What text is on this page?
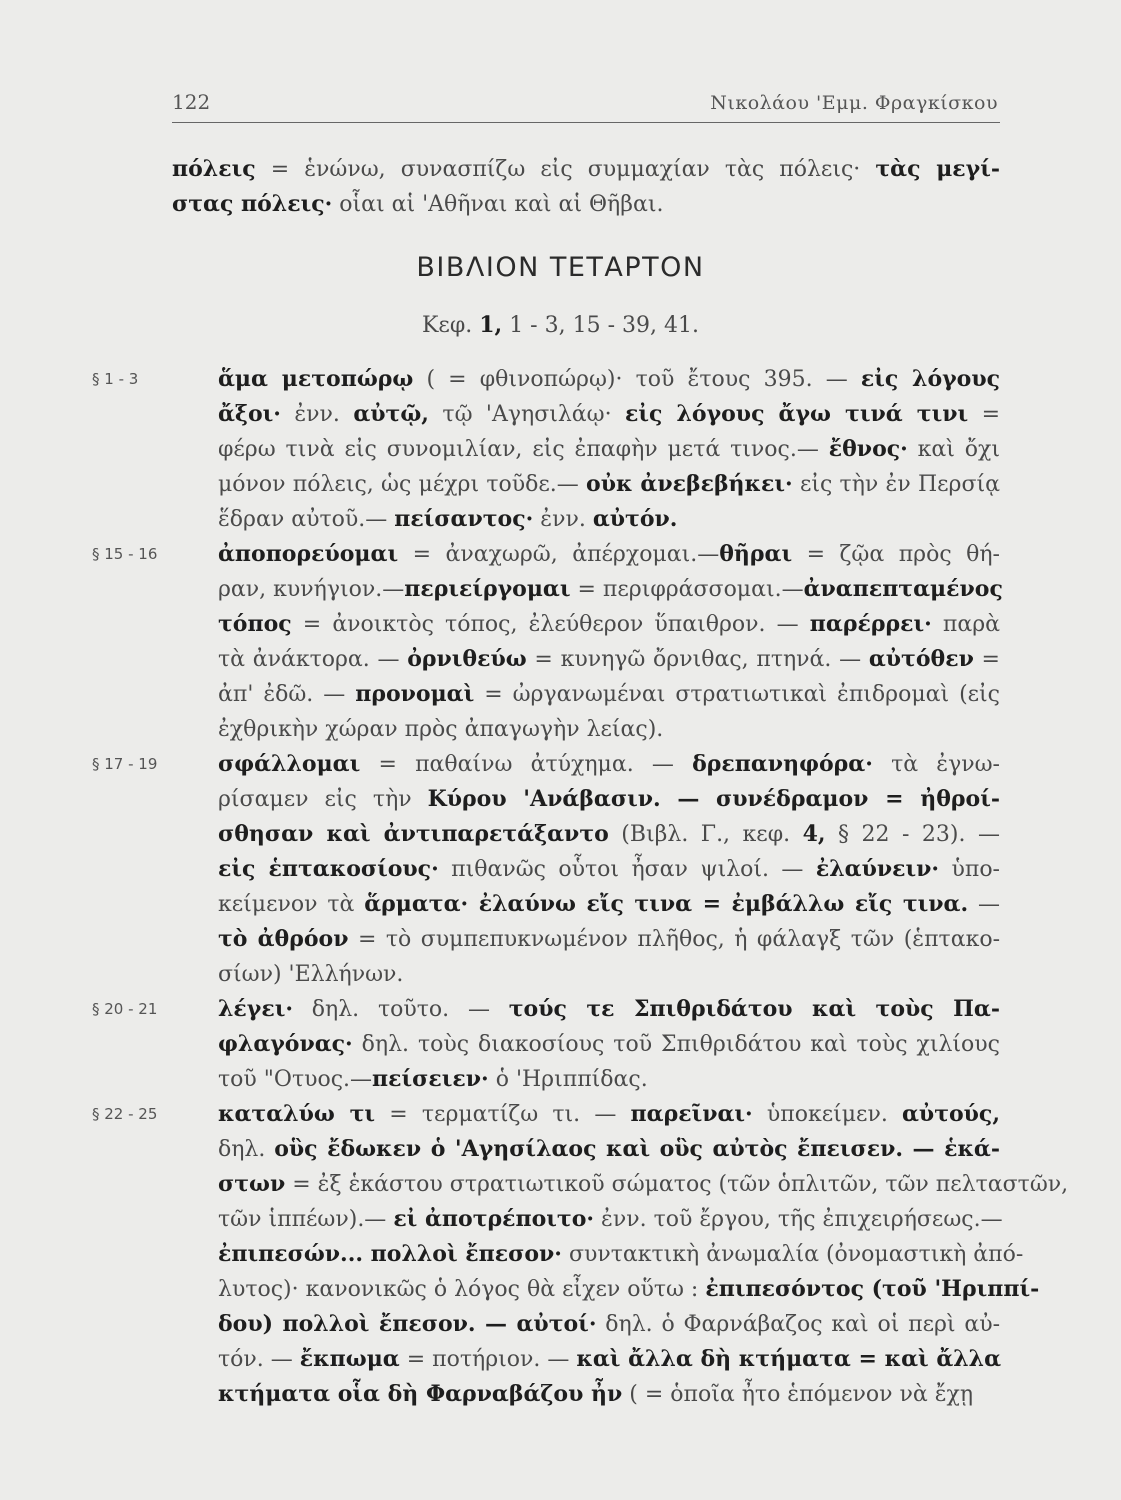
122	Νικολάου 'Εμμ. Φραγκίσκου
πόλεις = ἑνώνω, συνασπίζω εἰς συμμαχίαν τὰς πόλεις· τὰς μεγί-
στας πόλεις· οἷαι αἱ 'Αθῆναι καὶ αἱ Θῆβαι.
ΒΙΒΛΙΟΝ ΤΕΤΑΡΤΟΝ
Κεφ. 1, 1 - 3, 15 - 39, 41.
§ 1 - 3	ἅμα μετοπώρῳ ( = φθινοπώρῳ)· τοῦ ἔτους 395. — εἰς λόγους
ἄξοι· ἐνν. αὐτῷ, τῷ 'Αγησιλάῳ· εἰς λόγους ἄγω τινά τινι =
φέρω τινὰ εἰς συνομιλίαν, εἰς ἐπαφὴν μετά τινος.— ἔθνος· καὶ ὄχι
μόνον πόλεις, ὡς μέχρι τοῦδε.— οὐκ ἀνεβεβήκει· εἰς τὴν ἐν Περσίᾳ
ἕδραν αὐτοῦ.— πείσαντος· ἐνν. αὐτόν.
§ 15 - 16	ἀποπορεύομαι = ἀναχωρῶ, ἀπέρχομαι.—θῆραι = ζῷα πρὸς θή-
ραν, κυνήγιον.—περιείργομαι = περιφράσσομαι.—ἀναπεπταμένος
τόπος = ἀνοικτὸς τόπος, ἐλεύθερον ὕπαιθρον. — παρέρρει· παρὰ
τὰ ἀνάκτορα. — ὀρνιθεύω = κυνηγῶ ὄρνιθας, πτηνά. — αὐτόθεν =
ἀπ' ἐδῶ. — προνομαὶ = ὠργανωμέναι στρατιωτικαὶ ἐπιδρομαὶ (εἰς
ἐχθρικὴν χώραν πρὸς ἀπαγωγὴν λείας).
§ 17 - 19	σφάλλομαι = παθαίνω ἀτύχημα. — δρεπανηφόρα· τὰ ἐγνω-
ρίσαμεν εἰς τὴν Κύρου 'Ανάβασιν. — συνέδραμον = ἠθροί-
σθησαν καὶ ἀντιπαρετάξαντο (Βιβλ. Γ., κεφ. 4, § 22 - 23). —
εἰς ἑπτακοσίους· πιθανῶς οὗτοι ἦσαν ψιλοί. — ἐλαύνειν· ὑπο-
κείμενον τὰ ἅρματα· ἐλαύνω εἴς τινα = ἐμβάλλω εἴς τινα. —
τὸ ἀθρόον = τὸ συμπεπυκνωμένον πλῆθος, ἡ φάλαγξ τῶν (ἑπτακο-
σίων) 'Ελλήνων.
§ 20 - 21	λέγει· δηλ. τοῦτο. — τούς τε Σπιθριδάτου καὶ τοὺς Πα-
φλαγόνας· δηλ. τοὺς διακοσίους τοῦ Σπιθριδάτου καὶ τοὺς χιλίους
τοῦ "Οτυος.—πείσειεν· ὁ 'Ηριππίδας.
§ 22 - 25	καταλύω τι = τερματίζω τι. — παρεῖναι· ὑποκείμεν. αὐτούς,
δηλ. οὓς ἔδωκεν ὁ 'Αγησίλαος καὶ οὓς αὐτὸς ἔπεισεν. — ἑκά-
στων = ἐξ ἑκάστου στρατιωτικοῦ σώματος (τῶν ὁπλιτῶν, τῶν πελταστῶν,
τῶν ἱππέων).— εἰ ἀποτρέποιτο· ἐνν. τοῦ ἔργου, τῆς ἐπιχειρήσεως.—
ἐπιπεσών... πολλοὶ ἔπεσον· συντακτικὴ ἀνωμαλία (ὀνομαστικὴ ἀπό-
λυτος)· κανονικῶς ὁ λόγος θὰ εἶχεν οὕτω : ἐπιπεσόντος (τοῦ 'Ηριππί-
δου) πολλοὶ ἔπεσον. — αὐτοί· δηλ. ὁ Φαρνάβαζος καὶ οἱ περὶ αὐ-
τόν. — ἔκπωμα = ποτήριον. — καὶ ἄλλα δὴ κτήματα = καὶ ἄλλα
κτήματα οἷα δὴ Φαρναβάζου ἦν ( = ὁποῖα ἦτο ἑπόμενον νὰ ἔχῃ
